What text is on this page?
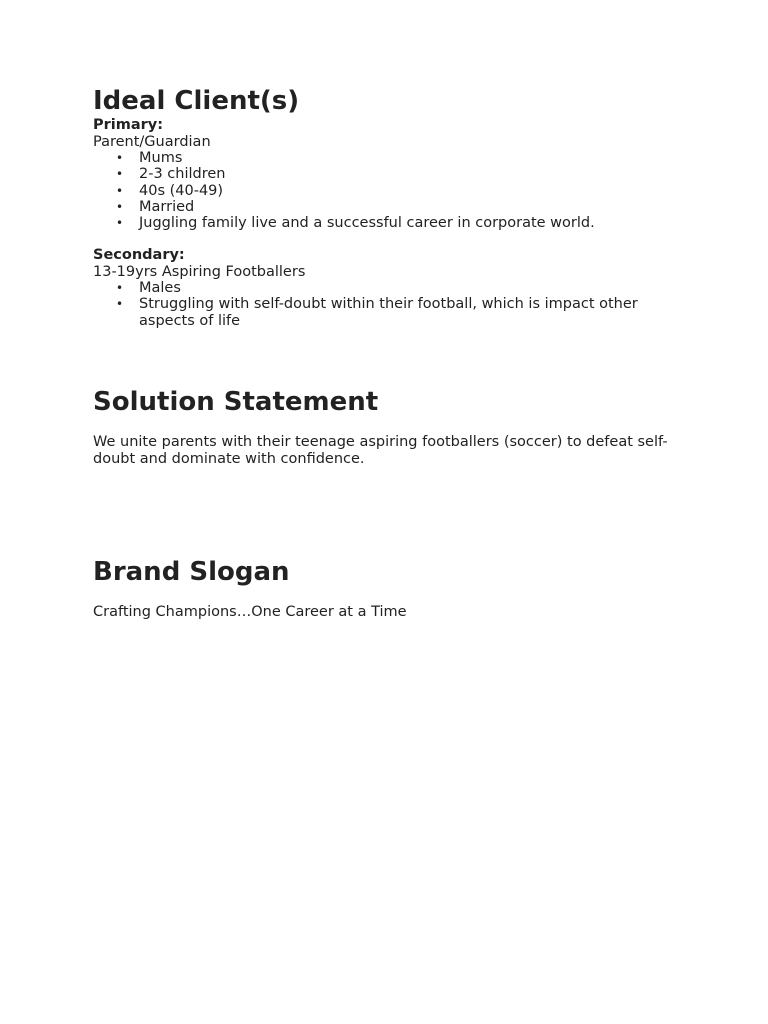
Ideal Client(s)
Primary:
Parent/Guardian
• Mums
• 2-3 children
• 40s (40-49)
• Married
• Juggling family live and a successful career in corporate world.
Secondary:
13-19yrs Aspiring Footballers
• Males
• Struggling with self-doubt within their football, which is impact other aspects of life
Solution Statement
We unite parents with their teenage aspiring footballers (soccer) to defeat self-doubt and dominate with confidence.
Brand Slogan
Crafting Champions…One Career at a Time
